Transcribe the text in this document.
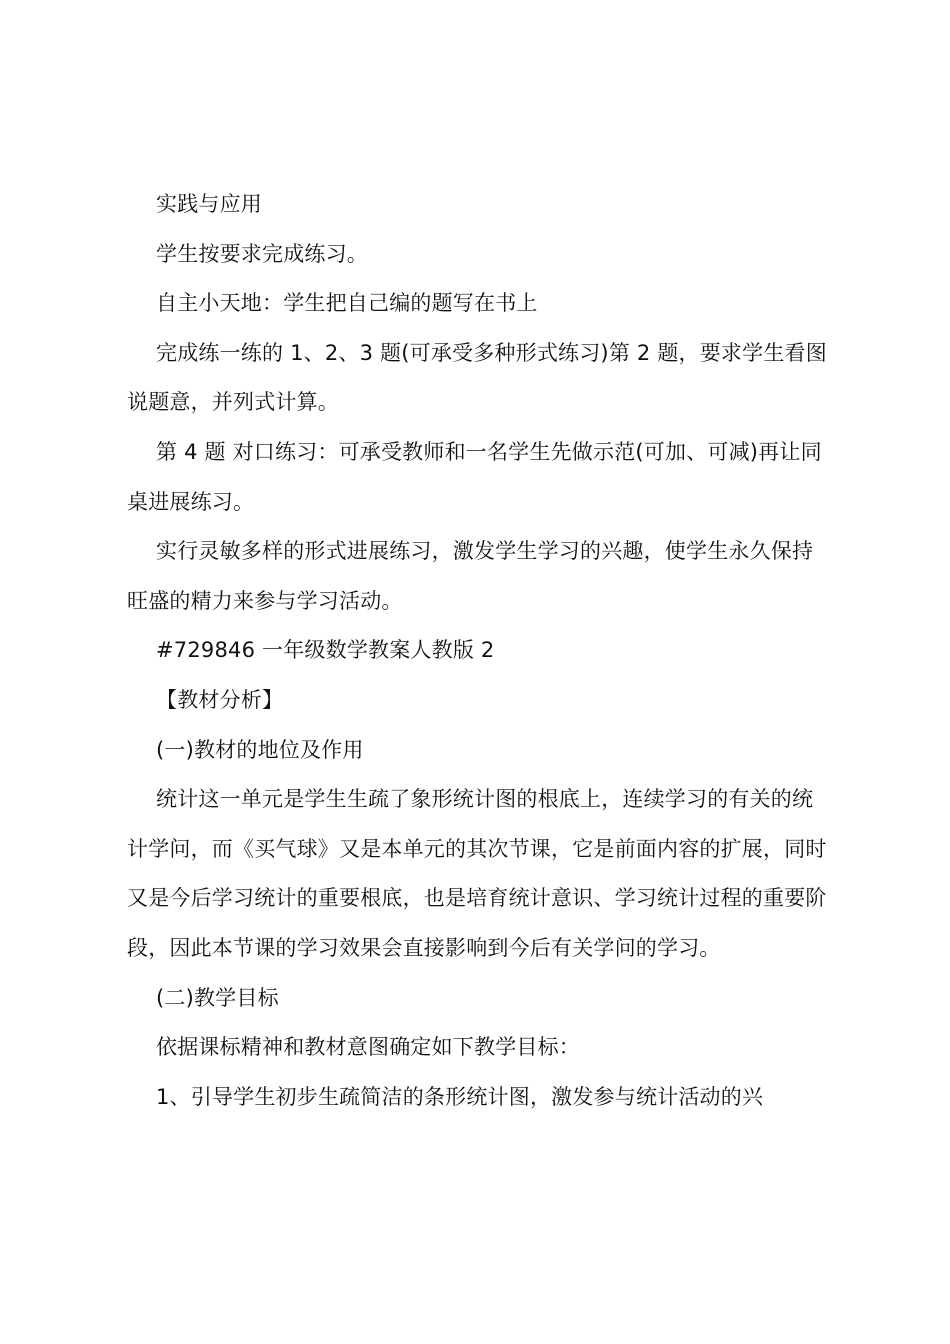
实践与应用

学生按要求完成练习。

自主小天地：学生把自己编的题写在书上

完成练一练的 1、2、3 题(可承受多种形式练习)第 2 题，要求学生看图说题意，并列式计算。

第 4 题 对口练习：可承受教师和一名学生先做示范(可加、可减)再让同桌进展练习。

实行灵敏多样的形式进展练习，激发学生学习的兴趣，使学生永久保持旺盛的精力来参与学习活动。

#729846 一年级数学教案人教版 2

【教材分析】

(一)教材的地位及作用

统计这一单元是学生生疏了象形统计图的根底上，连续学习的有关的统计学问，而《买气球》又是本单元的其次节课，它是前面内容的扩展，同时又是今后学习统计的重要根底，也是培育统计意识、学习统计过程的重要阶段，因此本节课的学习效果会直接影响到今后有关学问的学习。

(二)教学目标

依据课标精神和教材意图确定如下教学目标：

1、引导学生初步生疏简洁的条形统计图，激发参与统计活动的兴
